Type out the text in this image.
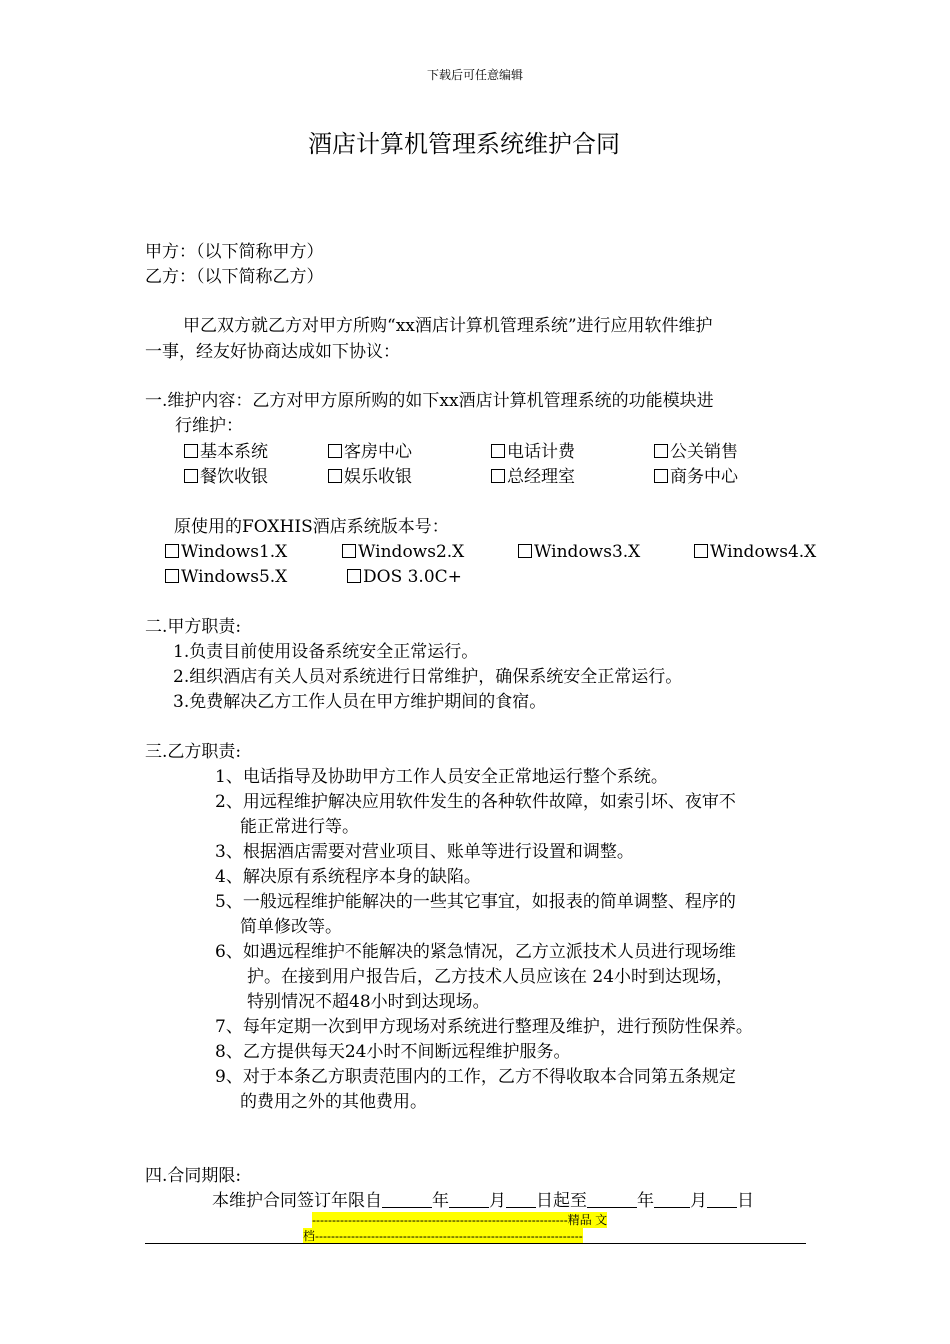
下载后可任意编辑
酒店计算机管理系统维护合同
甲方：（以下简称甲方）
乙方：（以下简称乙方）
甲乙双方就乙方对甲方所购“xx酒店计算机管理系统”进行应用软件维护
一事，经友好协商达成如下协议：
一.维护内容：乙方对甲方原所购的如下xx酒店计算机管理系统的功能模块进
行维护：
基本系统	客房中心	电话计费	公关销售
餐饮收银	娱乐收银	总经理室	商务中心
原使用的FOXHIS酒店系统版本号：
Windows1.X	Windows2.X	Windows3.X	Windows4.X
Windows5.X	DOS 3.0C+
二.甲方职责:
1.负责目前使用设备系统安全正常运行。
2.组织酒店有关人员对系统进行日常维护，确保系统安全正常运行。
3.免费解决乙方工作人员在甲方维护期间的食宿。
三.乙方职责:
1、电话指导及协助甲方工作人员安全正常地运行整个系统。
2、用远程维护解决应用软件发生的各种软件故障，如索引坏、夜审不
能正常进行等。
3、根据酒店需要对营业项目、账单等进行设置和调整。
4、解决原有系统程序本身的缺陷。
5、一般远程维护能解决的一些其它事宜，如报表的简单调整、程序的
简单修改等。
6、如遇远程维护不能解决的紧急情况，乙方立派技术人员进行现场维
护。在接到用户报告后，乙方技术人员应该在 24小时到达现场，
特别情况不超48小时到达现场。
7、每年定期一次到甲方现场对系统进行整理及维护，进行预防性保养。
8、乙方提供每天24小时不间断远程维护服务。
9、对于本条乙方职责范围内的工作，乙方不得收取本合同第五条规定
的费用之外的其他费用。
四.合同期限:
本维护合同签订年限自	年 月 日起至	年 月 日
----------------------------------------------------------------精品 文
档-------------------------------------------------------------------
